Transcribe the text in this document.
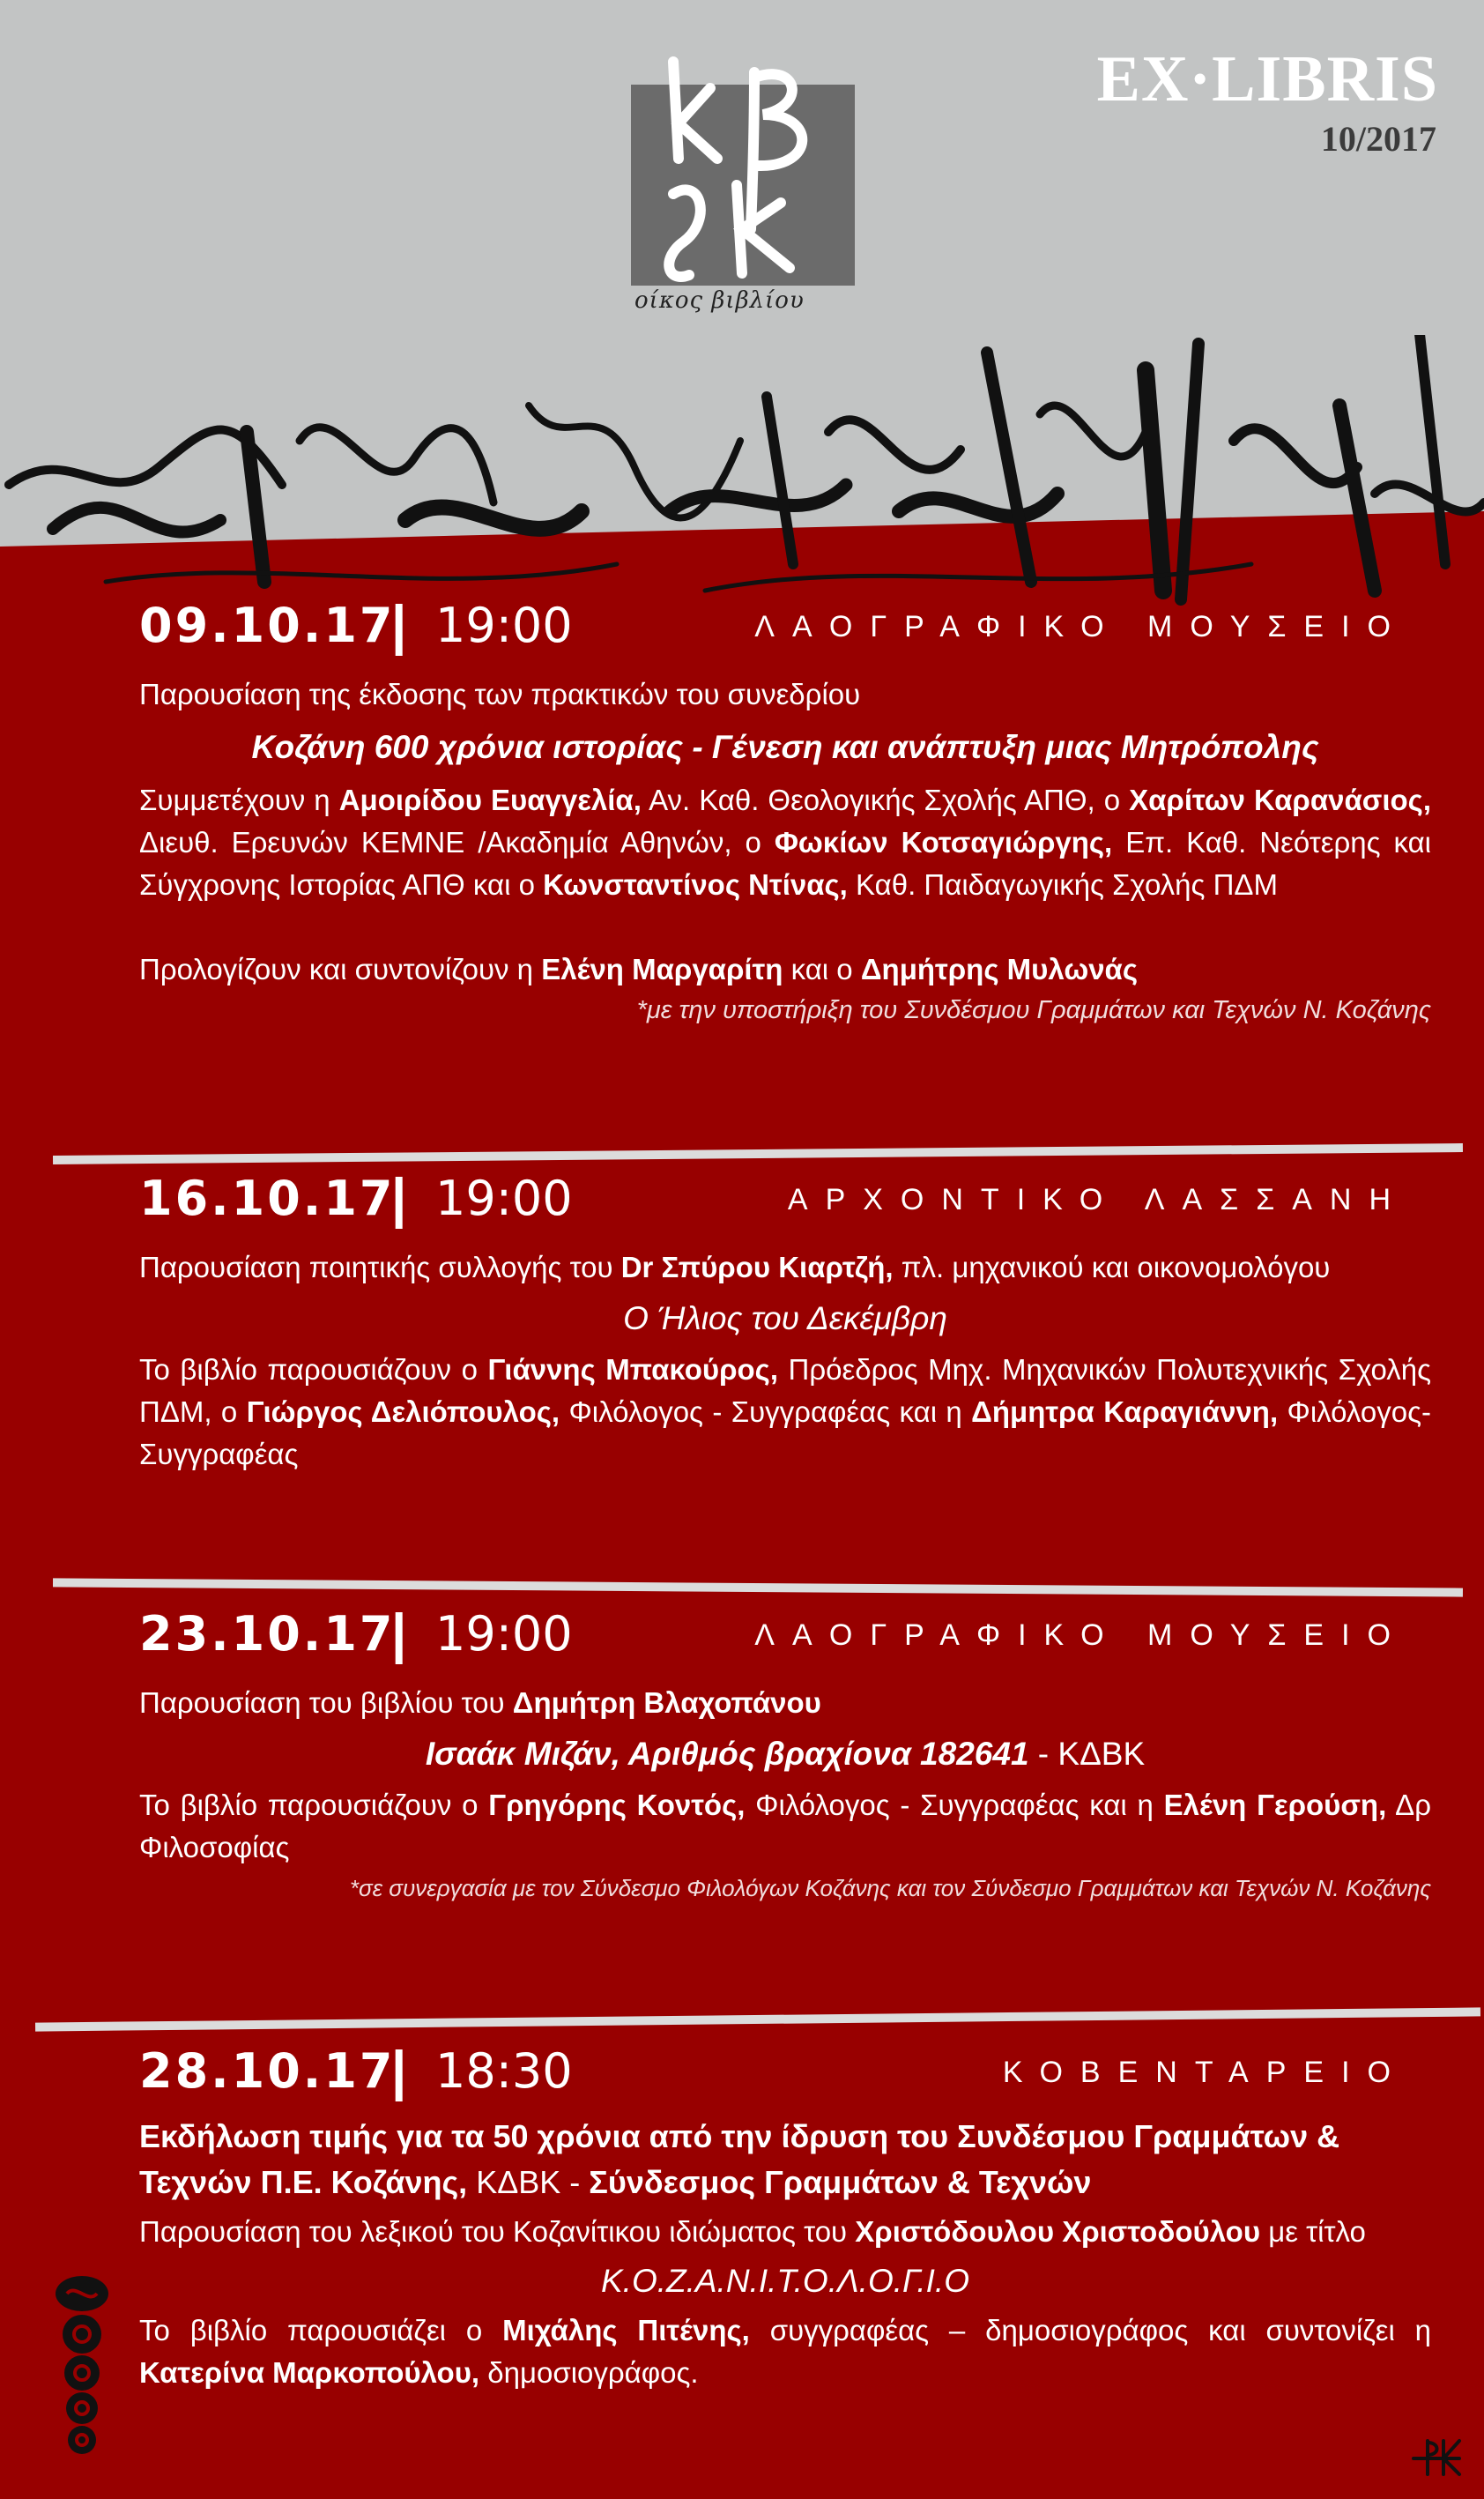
οίκος βιβλίου
EX·LIBRIS
10/2017
09.10.17
| 19:00	ΛΑΟΓΡΑΦΙΚΟ ΜΟΥΣΕΙΟ
Παρουσίαση της έκδοσης των πρακτικών του συνεδρίου
Κοζάνη 600 χρόνια ιστορίας - Γένεση και ανάπτυξη μιας Μητρόπολης
Συμμετέχουν η Αμοιρίδου Ευαγγελία, Αν. Καθ. Θεολογικής Σχολής ΑΠΘ, ο Χαρίτων Καρανάσιος, Διευθ. Ερευνών ΚΕΜΝΕ /Ακαδημία Αθηνών, ο Φωκίων Κοτσαγιώργης, Επ. Καθ. Νεότερης και Σύγχρονης Ιστορίας ΑΠΘ και ο Κωνσταντίνος Ντίνας, Καθ. Παιδαγωγικής Σχολής ΠΔΜ
Προλογίζουν και συντονίζουν η Ελένη Μαργαρίτη και ο Δημήτρης Μυλωνάς
*με την υποστήριξη του Συνδέσμου Γραμμάτων και Τεχνών Ν. Κοζάνης
16.10.17
| 19:00	ΑΡΧΟΝΤΙΚΟ ΛΑΣΣΑΝΗ
Παρουσίαση ποιητικής συλλογής του Dr Σπύρου Κιαρτζή, πλ. μηχανικού και οικονομολόγου
Ο Ήλιος του Δεκέμβρη
Το βιβλίο παρουσιάζουν ο Γιάννης Μπακούρος, Πρόεδρος Μηχ. Μηχανικών Πολυτεχνικής Σχολής ΠΔΜ, ο Γιώργος Δελιόπουλος, Φιλόλογος - Συγγραφέας και η Δήμητρα Καραγιάννη, Φιλόλογος- Συγγραφέας
23.10.17
| 19:00	ΛΑΟΓΡΑΦΙΚΟ ΜΟΥΣΕΙΟ
Παρουσίαση του βιβλίου του Δημήτρη Βλαχοπάνου
Ισαάκ Μιζάν, Αριθμός βραχίονα 182641 - ΚΔΒΚ
Το βιβλίο παρουσιάζουν ο Γρηγόρης Κοντός, Φιλόλογος - Συγγραφέας και η Ελένη Γερούση, Δρ Φιλοσοφίας
*σε συνεργασία με τον Σύνδεσμο Φιλολόγων Κοζάνης και τον Σύνδεσμο Γραμμάτων και Τεχνών Ν. Κοζάνης
28.10.17
| 18:30	ΚΟΒΕΝΤΑΡΕΙΟ
Εκδήλωση τιμής για τα 50 χρόνια από την ίδρυση του Συνδέσμου Γραμμάτων & Τεχνών Π.Ε. Κοζάνης, ΚΔΒΚ - Σύνδεσμος Γραμμάτων & Τεχνών
Παρουσίαση του λεξικού του Κοζανίτικου ιδιώματος του Χριστόδουλου Χριστοδούλου με τίτλο
Κ.Ο.Ζ.Α.Ν.Ι.Τ.Ο.Λ.Ο.Γ.Ι.Ο
Το βιβλίο παρουσιάζει ο Μιχάλης Πιτένης, συγγραφέας – δημοσιογράφος και συντονίζει η Κατερίνα Μαρκοπούλου, δημοσιογράφος.
